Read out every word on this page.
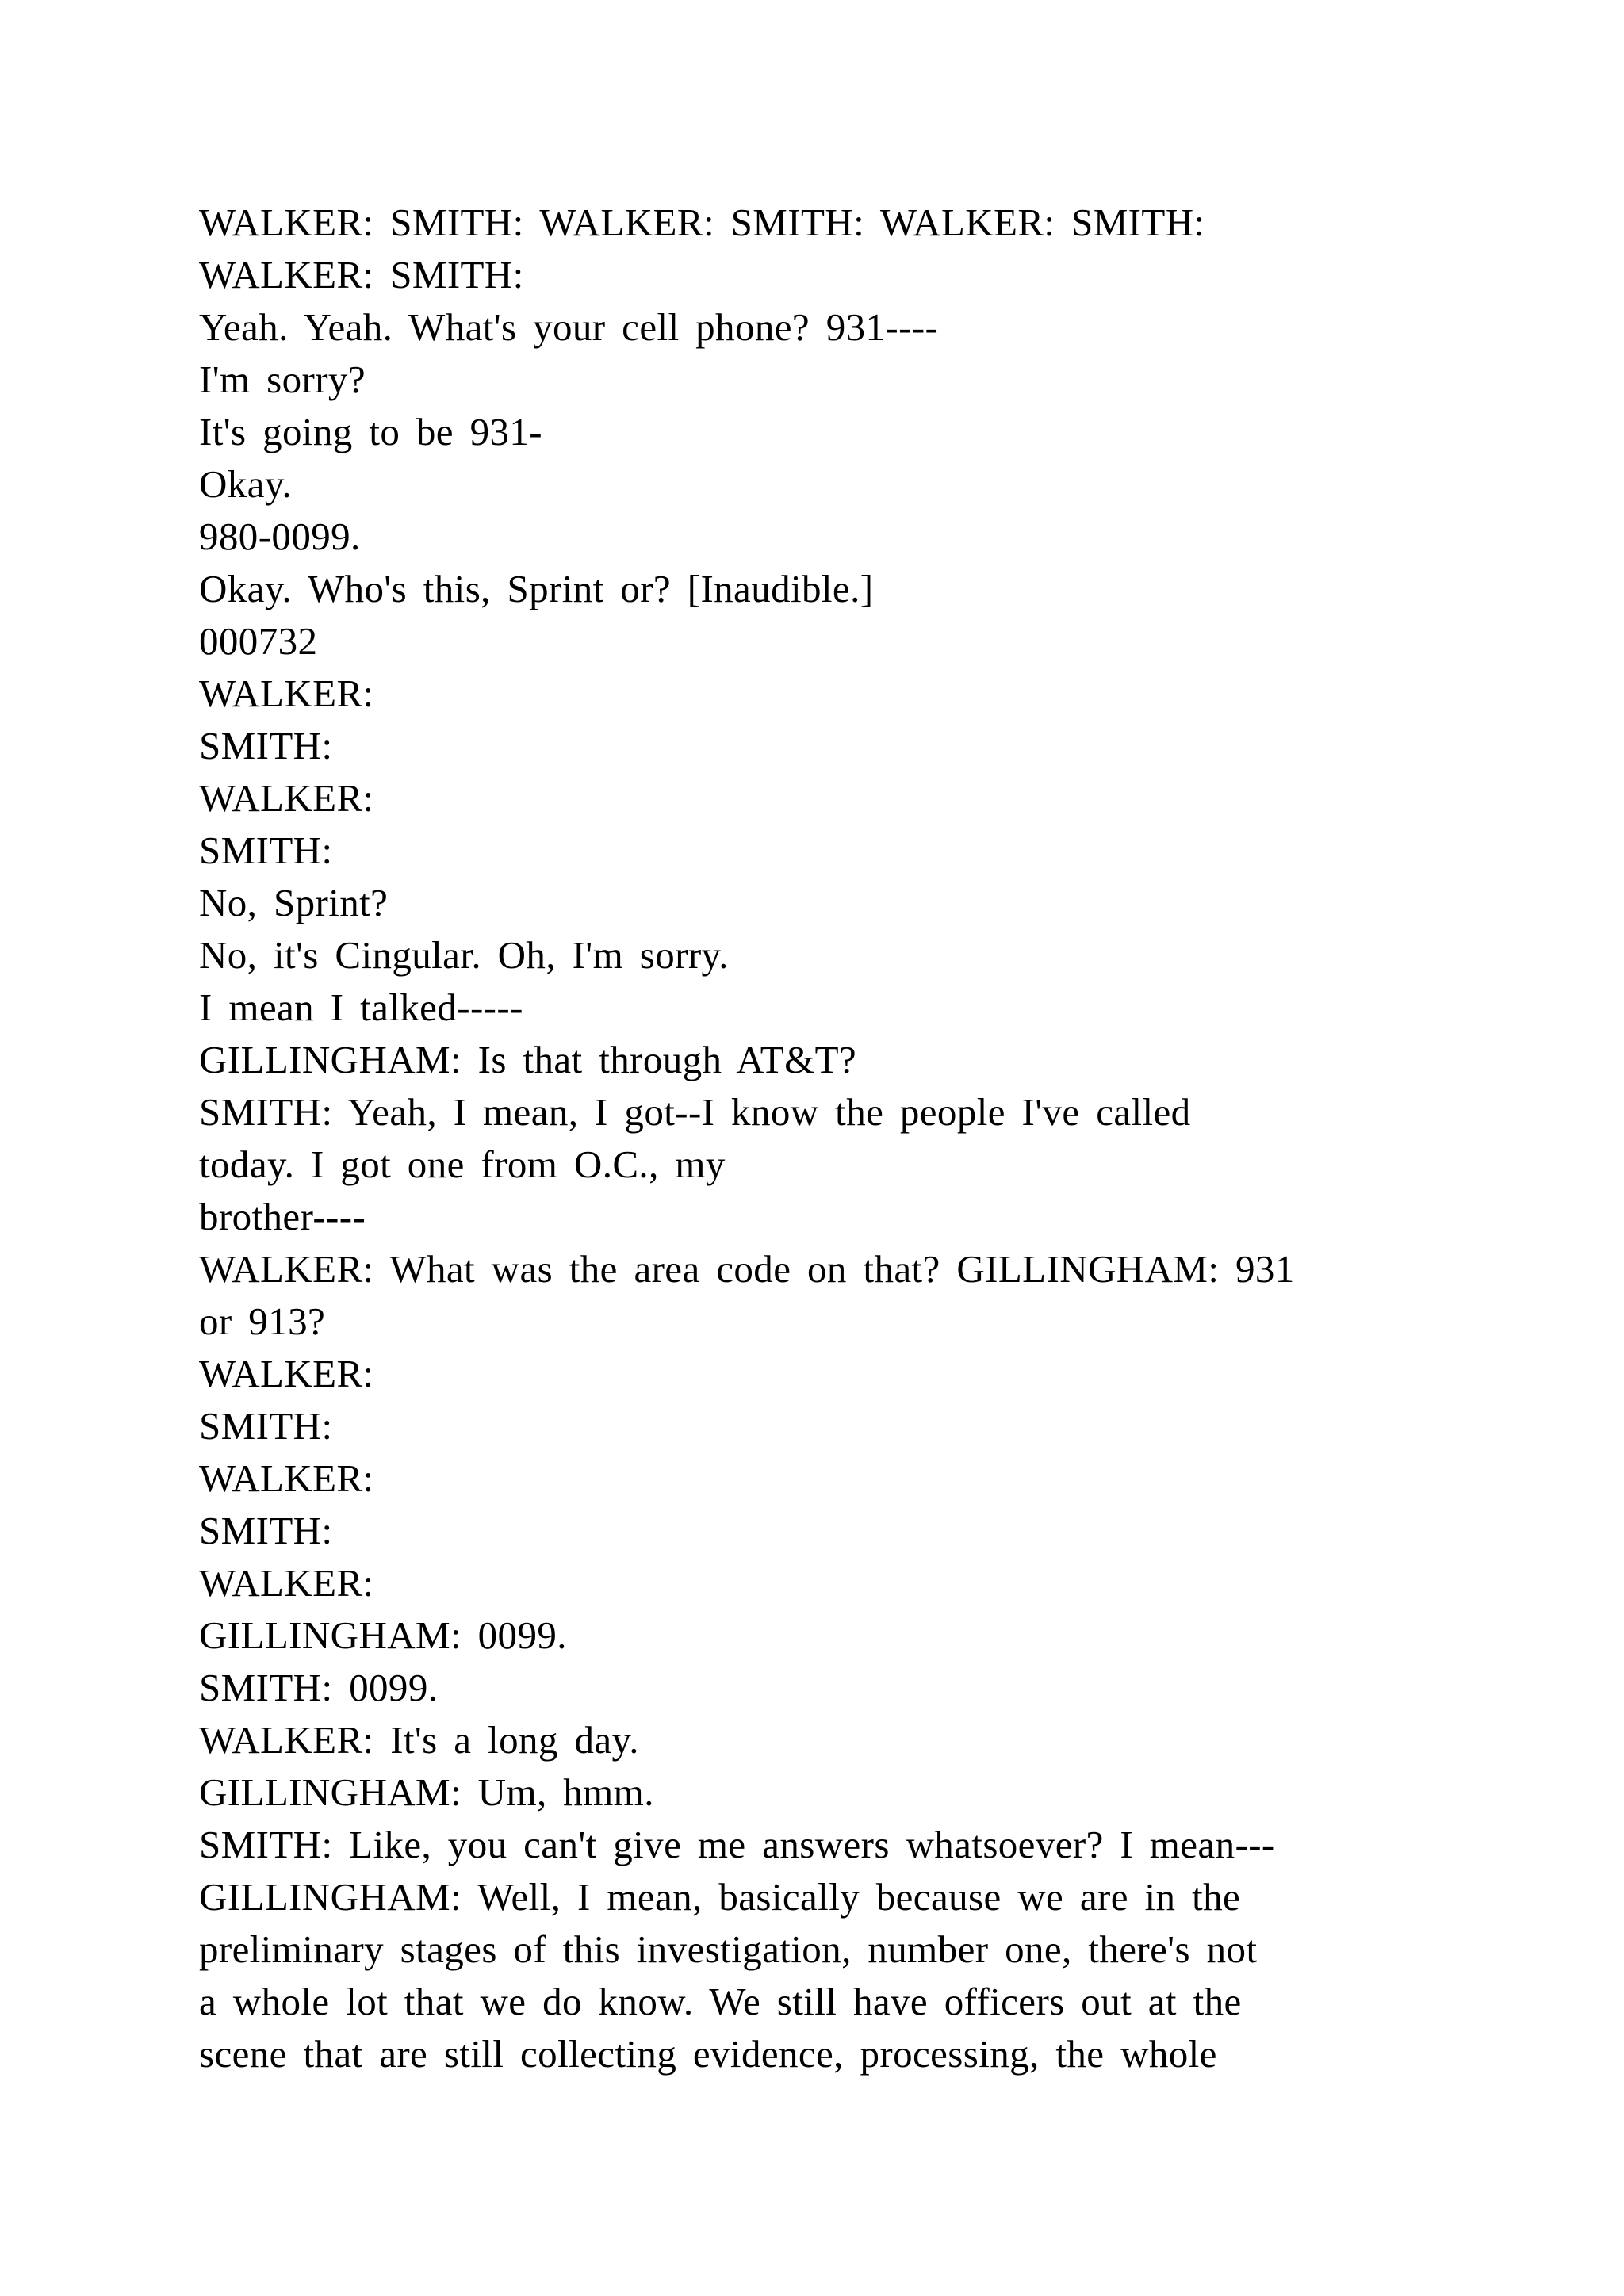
WALKER: SMITH: WALKER: SMITH: WALKER: SMITH:
WALKER: SMITH:
Yeah. Yeah. What's your cell phone? 931----
I'm sorry?
It's going to be 931-
Okay.
980-0099.
Okay. Who's this, Sprint or? [Inaudible.]
000732
WALKER:
SMITH:
WALKER:
SMITH:
No, Sprint?
No, it's Cingular. Oh, I'm sorry.
I mean I talked-----
GILLINGHAM: Is that through AT&T?
SMITH: Yeah, I mean, I got--I know the people I've called
today. I got one from O.C., my
brother----
WALKER: What was the area code on that? GILLINGHAM: 931
or 913?
WALKER:
SMITH:
WALKER:
SMITH:
WALKER:
GILLINGHAM: 0099.
SMITH: 0099.
WALKER: It's a long day.
GILLINGHAM: Um, hmm.
SMITH: Like, you can't give me answers whatsoever? I mean---
GILLINGHAM: Well, I mean, basically because we are in the
preliminary stages of this investigation, number one, there's not
a whole lot that we do know. We still have officers out at the
scene that are still collecting evidence, processing, the whole
